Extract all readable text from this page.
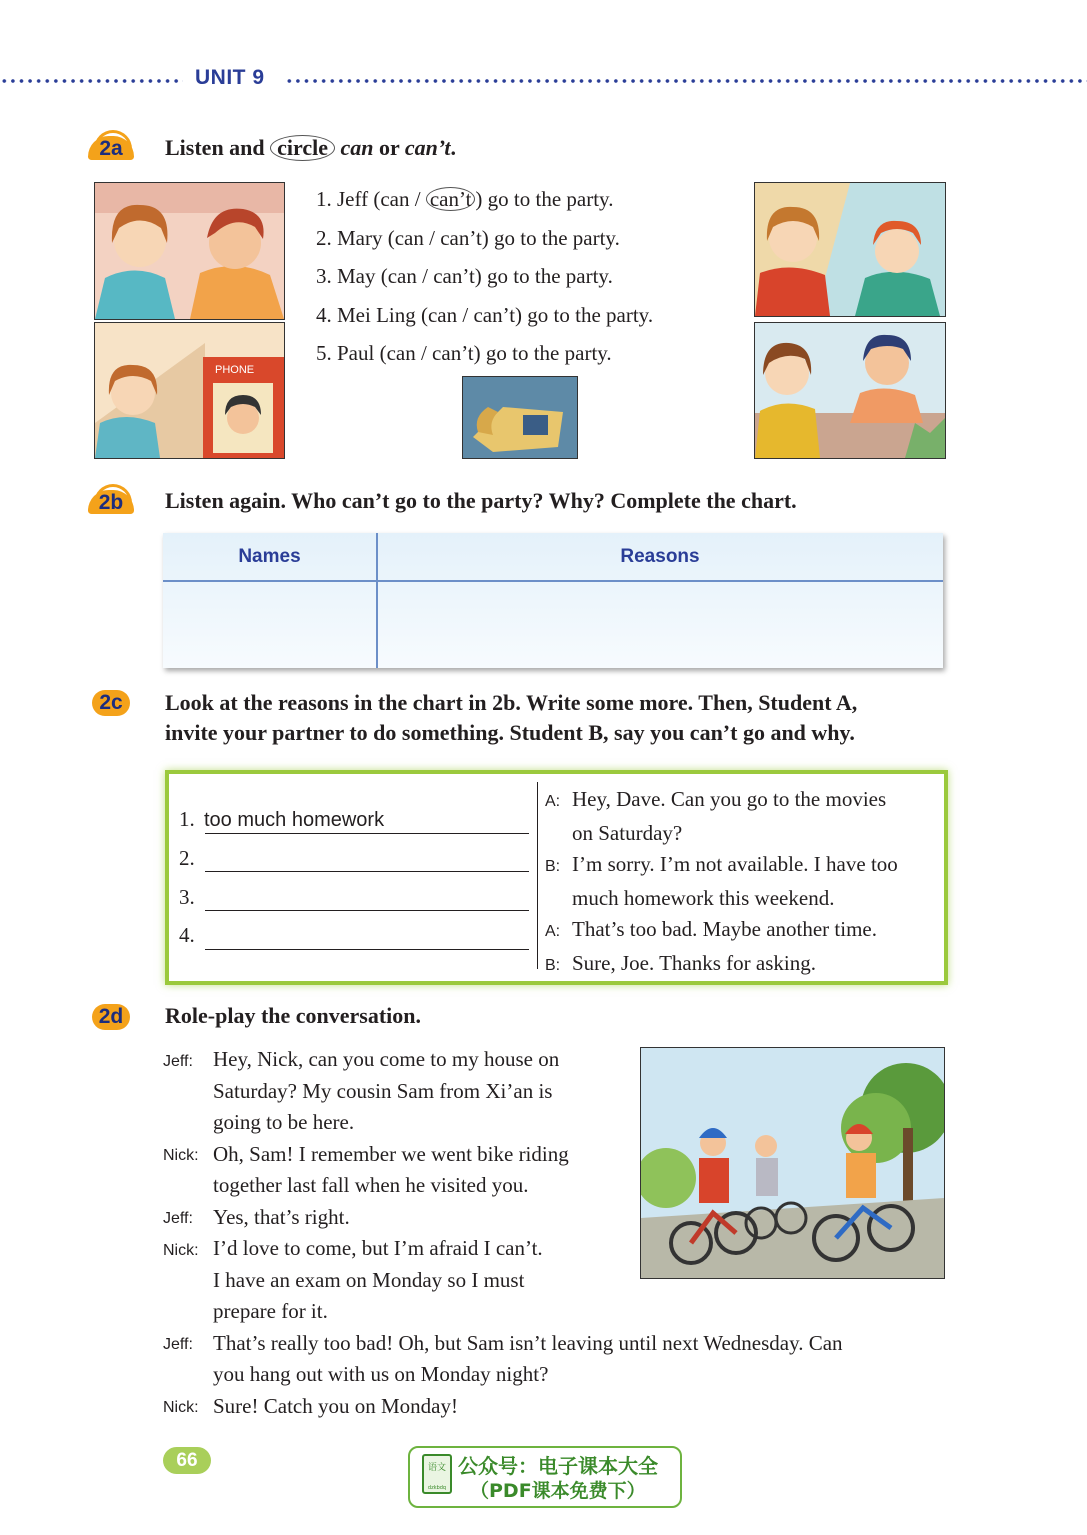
UNIT 9
2a	Listen and circle can or can’t.
PHONE
1. Jeff (can / can’t ) go to the party.
2. Mary (can / can’t) go to the party.
3. May (can / can’t) go to the party.
4. Mei Ling (can / can’t) go to the party.
5. Paul (can / can’t) go to the party.
2b	Listen again. Who can’t go to the party? Why? Complete the chart.
Names	Reasons
2c	Look at the reasons in the chart in 2b. Write some more. Then, Student A,
invite your partner to do something. Student B, say you can’t go and why.
1. too much homework
2.
3.
4.
A: Hey, Dave. Can you go to the movies
on Saturday?
B: I’m sorry. I’m not available. I have too
much homework this weekend.
A: That’s too bad. Maybe another time.
B: Sure, Joe. Thanks for asking.
2d	Role-play the conversation.
Jeff: Hey, Nick, can you come to my house on
Saturday? My cousin Sam from Xi’an is
going to be here.
Nick: Oh, Sam! I remember we went bike riding
together last fall when he visited you.
Jeff: Yes, that’s right.
Nick: I’d love to come, but I’m afraid I can’t.
I have an exam on Monday so I must
prepare for it.
Jeff: That’s really too bad! Oh, but Sam isn’t leaving until next Wednesday. Can
you hang out with us on Monday night?
Nick: Sure! Catch you on Monday!
66	语文
dzkbdq
公众号：电子课本大全
（PDF课本免费下）
